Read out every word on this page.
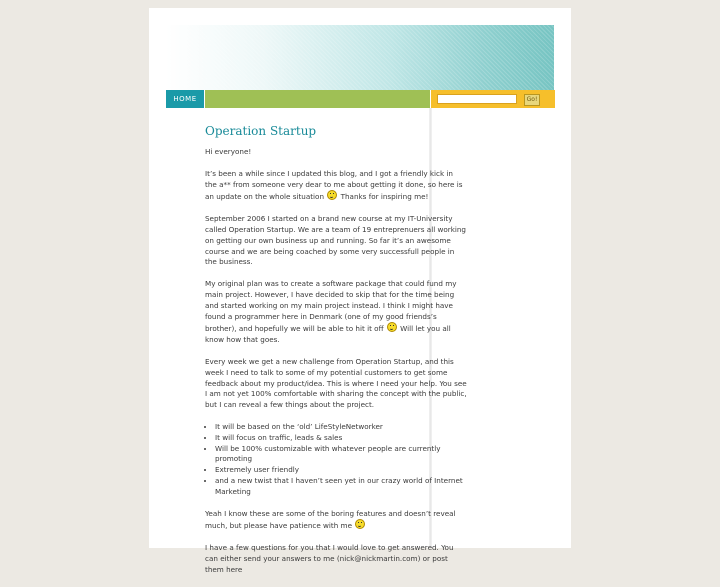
HOME	Go!
Operation Startup

Hi everyone!

It’s been a while since I updated this blog, and I got a friendly kick in the a** from someone very dear to me about getting it done, so here is an update on the whole situation Thanks for inspiring me!

September 2006 I started on a brand new course at my IT-University called Operation Startup. We are a team of 19 entreprenuers all working on getting our own business up and running. So far it’s an awesome course and we are being coached by some very successfull people in the business.

My original plan was to create a software package that could fund my main project. However, I have decided to skip that for the time being and started working on my main project instead. I think I might have found a programmer here in Denmark (one of my good friends’s brother), and hopefully we will be able to hit it off Will let you all know how that goes.

Every week we get a new challenge from Operation Startup, and this week I need to talk to some of my potential customers to get some feedback about my product/idea. This is where I need your help. You see I am not yet 100% comfortable with sharing the concept with the public, but I can reveal a few things about the project.

• It will be based on the ‘old’ LifeStyleNetworker
• It will focus on traffic, leads & sales
• Will be 100% customizable with whatever people are currently promoting
• Extremely user friendly
• and a new twist that I haven’t seen yet in our crazy world of Internet Marketing

Yeah I know these are some of the boring features and doesn’t reveal much, but please have patience with me

I have a few questions for you that I would love to get answered. You can either send your answers to me (nick@nickmartin.com) or post them here
